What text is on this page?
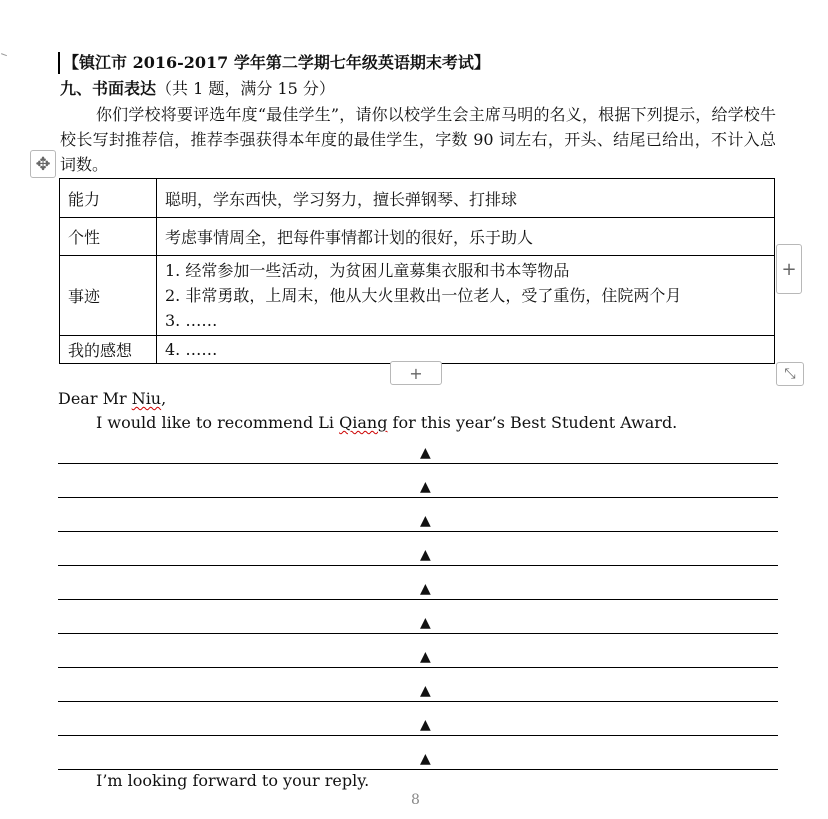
【镇江市 2016-2017 学年第二学期七年级英语期末考试】
九、书面表达（共 1 题，满分 15 分）
你们学校将要评选年度“最佳学生”，请你以校学生会主席马明的名义，根据下列提示，给学校牛校长写封推荐信，推荐李强获得本年度的最佳学生，字数 90 词左右，开头、结尾已给出，不计入总词数。
✥
能力	聪明，学东西快，学习努力，擅长弹钢琴、打排球
个性	考虑事情周全，把每件事情都计划的很好，乐于助人
事迹	1. 经常参加一些活动，为贫困儿童募集衣服和书本等物品
2. 非常勇敢，上周末，他从大火里救出一位老人，受了重伤，住院两个月
3. ……

我的感想	4. ……
+
+	⤡
Dear Mr Niu,
I would like to recommend Li Qiang for this year’s Best Student Award.
▲
▲
▲
▲
▲
▲
▲
▲
▲
▲
I’m looking forward to your reply.
8
